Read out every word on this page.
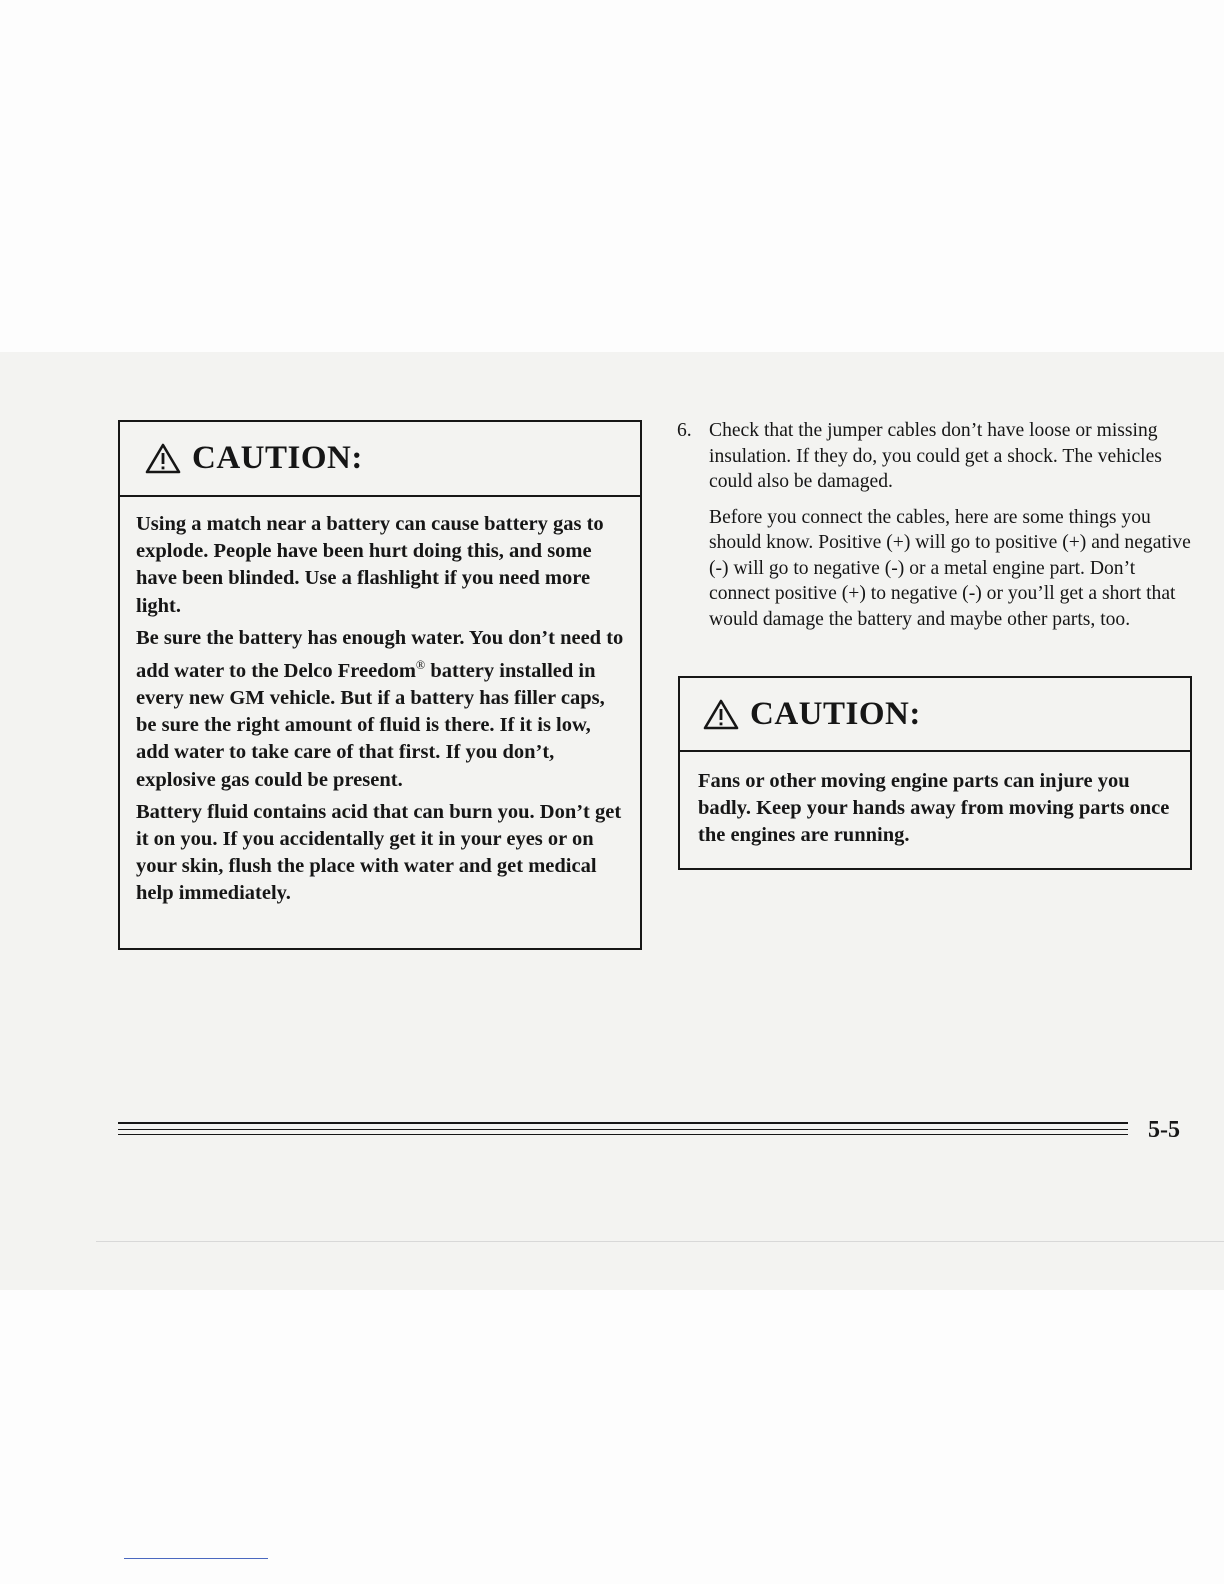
CAUTION:

Using a match near a battery can cause battery gas to explode. People have been hurt doing this, and some have been blinded. Use a flashlight if you need more light.

Be sure the battery has enough water. You don’t need to add water to the Delco Freedom® battery installed in every new GM vehicle. But if a battery has filler caps, be sure the right amount of fluid is there. If it is low, add water to take care of that first. If you don’t, explosive gas could be present.

Battery fluid contains acid that can burn you. Don’t get it on you. If you accidentally get it in your eyes or on your skin, flush the place with water and get medical help immediately.

6. Check that the jumper cables don’t have loose or missing insulation. If they do, you could get a shock. The vehicles could also be damaged.

Before you connect the cables, here are some things you should know. Positive (+) will go to positive (+) and negative (-) will go to negative (-) or a metal engine part. Don’t connect positive (+) to negative (-) or you’ll get a short that would damage the battery and maybe other parts, too.

CAUTION:
Fans or other moving engine parts can injure you badly. Keep your hands away from moving parts once the engines are running.
5-5
